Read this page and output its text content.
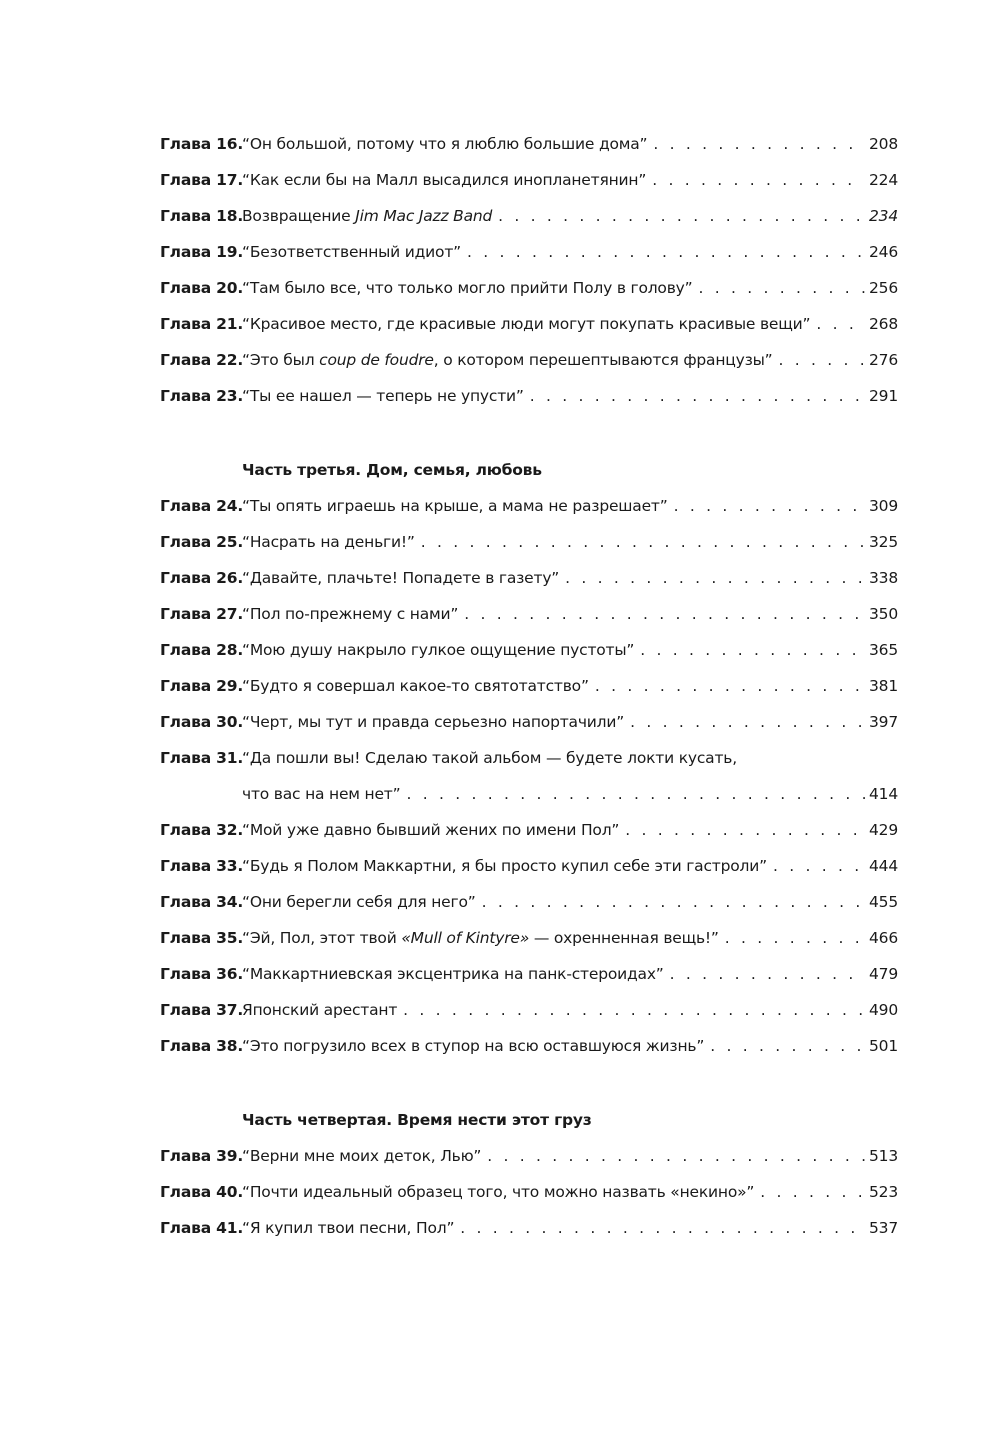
Глава 16.
“Он большой, потому что я люблю большие дома” . . .	208
Глава 17.
“Как если бы на Малл высадился инопланетянин” . . .	224
Глава 18.
Возвращение Jim Mac Jazz Band . . .	234
Глава 19.
“Безответственный идиот” . . .	246
Глава 20.
“Там было все, что только могло прийти Полу в голову” . . .	256
Глава 21.
“Красивое место, где красивые люди могут покупать красивые вещи” . . .	268
Глава 22.
“Это был coup de foudre, о котором перешептываются французы” . . .	276
Глава 23.
“Ты ее нашел — теперь не упусти” . . .	291
Часть третья. Дом, семья, любовь
Глава 24.
“Ты опять играешь на крыше, а мама не разрешает” . . .	309
Глава 25.
“Насрать на деньги!” . . .	325
Глава 26.
“Давайте, плачьте! Попадете в газету” . . .	338
Глава 27.
“Пол по-прежнему с нами” . . .	350
Глава 28.
“Мою душу накрыло гулкое ощущение пустоты” . . .	365
Глава 29.
“Будто я совершал какое-то святотатство” . . .	381
Глава 30.
“Черт, мы тут и правда серьезно напортачили” . . .	397
Глава 31.
“Да пошли вы! Сделаю такой альбом — будете локти кусать,
что вас на нем нет” . . .	414
Глава 32.
“Мой уже давно бывший жених по имени Пол” . . .	429
Глава 33.
“Будь я Полом Маккартни, я бы просто купил себе эти гастроли” . . .	444
Глава 34.
“Они берегли себя для него” . . .	455
Глава 35.
“Эй, Пол, этот твой «Mull of Kintyre» — охренненная вещь!” . . .	466
Глава 36.
“Маккартниевская эксцентрика на панк-стероидах” . . .	479
Глава 37.
Японский арестант . . .	490
Глава 38.
“Это погрузило всех в ступор на всю оставшуюся жизнь” . . .	501
Часть четвертая. Время нести этот груз
Глава 39.
“Верни мне моих деток, Лью” . . .	513
Глава 40.
“Почти идеальный образец того, что можно назвать «некино»” . . .	523
Глава 41.
“Я купил твои песни, Пол” . . .	537
